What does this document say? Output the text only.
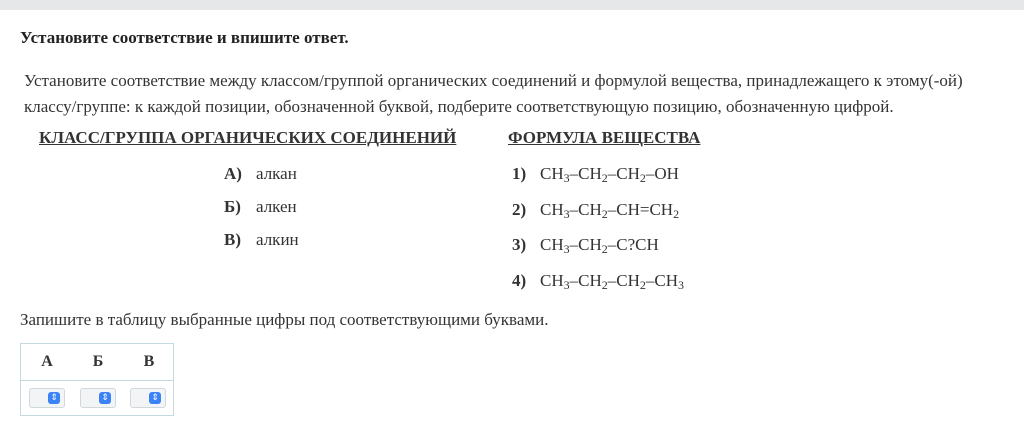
Установите соответствие и впишите ответ.

Установите соответствие между классом/группой органических соединений и формулой вещества, принадлежащего к этому(-ой) классу/группе: к каждой позиции, обозначенной буквой, подберите соответствующую позицию, обозначенную цифрой.

КЛАСС/ГРУППА ОРГАНИЧЕСКИХ СОЕДИНЕНИЙ	ФОРМУЛА ВЕЩЕСТВА
А) алкан
Б) алкен
В) алкин
1) $CH_3-CH_2-CH_2-OH$
2) $CH_3-CH_2-CH=CH_2$
3) $CH_3-CH_2-C?CH$
4) $CH_3-CH_2-CH_2-CH_3$

Запишите в таблицу выбранные цифры под соответствующими буквами.

А	Б	В
⇕	⇕	⇕
